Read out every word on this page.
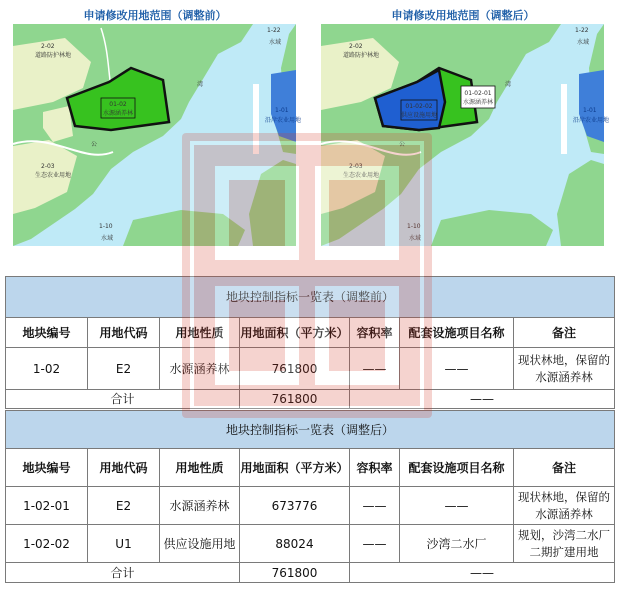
申请修改用地范围（调整前）	申请修改用地范围（调整后）
01-02
水源涵养林
2-02
道路防护林地
2-03
生态农业用地
1-10
水域
1-22
水域
1-01
沿岸农业用地
湾
公
01-02-02
供应设施用地
01-02-01
水源涵养林
2-02
道路防护林地
2-03
生态农业用地
1-10
水域
1-22
水域
1-01
沿岸农业用地
湾
公
地块控制指标一览表（调整前）						
地块编号	用地代码	用地性质	用地面积（平方米）	容积率	配套设施项目名称	备注
1-02	E2	水源涵养林	761800	——	——	现状林地，保留的水源涵养林
合计			761800	——		
地块控制指标一览表（调整后）						
地块编号	用地代码	用地性质	用地面积（平方米）	容积率	配套设施项目名称	备注
1-02-01	E2	水源涵养林	673776	——	——	现状林地，保留的水源涵养林
1-02-02	U1	供应设施用地	88024	——	沙湾二水厂	规划，沙湾二水厂二期扩建用地
合计			761800	——		
